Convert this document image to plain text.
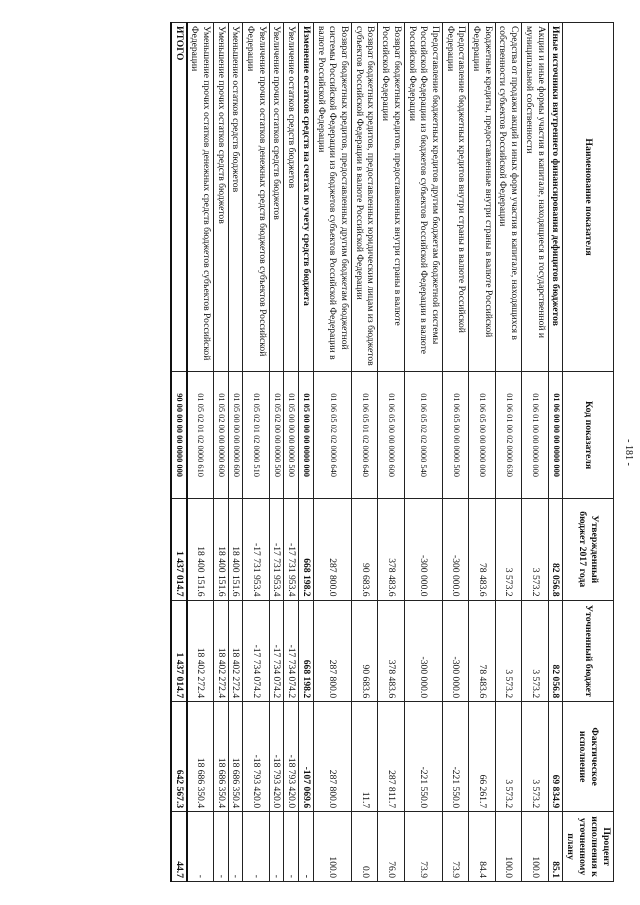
- 181 -
Наименование показателя	Код показателя	Утвержденный бюджет 2017 года	Уточненный бюджет	Фактическое исполнение	Процент исполнения к уточненному плану
Иные источники внутреннего финансирования дефицитов бюджетов	01 06 00 00 00 0000 000	82 056.8	82 056.8	69 834.9	85.1
Акции и иные формы участия в капитале, находящиеся в государственной и муниципальной собственности	01 06 01 00 00 0000 000	3 573.2	3 573.2	3 573.2	100.0
Средства от продажи акций и иных форм участия в капитале, находящихся в собственности субъектов Российской Федерации	01 06 01 00 02 0000 630	3 573.2	3 573.2	3 573.2	100.0
Бюджетные кредиты, предоставленные внутри страны в валюте Российской Федерации	01 06 05 00 00 0000 000	78 483.6	78 483.6	66 261.7	84.4
Предоставление бюджетных кредитов внутри страны в валюте Российской Федерации	01 06 05 00 00 0000 500	-300 000.0	-300 000.0	-221 550.0	73.9
Предоставление бюджетных кредитов другим бюджетам бюджетной системы Российской Федерации из бюджетов субъектов Российской Федерации в валюте Российской Федерации	01 06 05 02 02 0000 540	-300 000.0	-300 000.0	-221 550.0	73.9
Возврат бюджетных кредитов, предоставленных внутри страны в валюте Российской Федерации	01 06 05 00 00 0000 600	378 483.6	378 483.6	287 811.7	76.0
Возврат бюджетных кредитов, предоставленных юридическим лицам из бюджетов субъектов Российской Федерации в валюте Российской Федерации	01 06 05 01 02 0000 640	90 683.6	90 683.6	11.7	0.0
Возврат бюджетных кредитов, предоставленных другим бюджетам бюджетной системы Российской Федерации из бюджетов субъектов Российской Федерации в валюте Российской Федерации	01 06 05 02 02 0000 640	287 800.0	287 800.0	287 800.0	100.0
Изменение остатков средств на счетах по учету средств бюджета	01 05 00 00 00 0000 000	668 198.2	668 198.2	-107 069.6	-
Увеличение остатков средств бюджетов	01 05 00 00 00 0000 500	-17 731 953.4	-17 734 074.2	-18 793 420.0	-
Увеличение прочих остатков средств бюджетов	01 05 02 00 00 0000 500	-17 731 953.4	-17 734 074.2	-18 793 420.0	-
Увеличение прочих остатков денежных средств бюджетов субъектов Российской Федерации	01 05 02 01 02 0000 510	-17 731 953.4	-17 734 074.2	-18 793 420.0	-
Уменьшение остатков средств бюджетов	01 05 00 00 00 0000 600	18 400 151.6	18 402 272.4	18 686 350.4	-
Уменьшение прочих остатков средств бюджетов	01 05 02 00 00 0000 600	18 400 151.6	18 402 272.4	18 686 350.4	-
Уменьшение прочих остатков денежных средств бюджетов субъектов Российской Федерации	01 05 02 01 02 0000 610	18 400 151.6	18 402 272.4	18 686 350.4	-
ИТОГО	90 00 00 00 00 0000 000	1 437 014.7	1 437 014.7	642 567.3	44.7
